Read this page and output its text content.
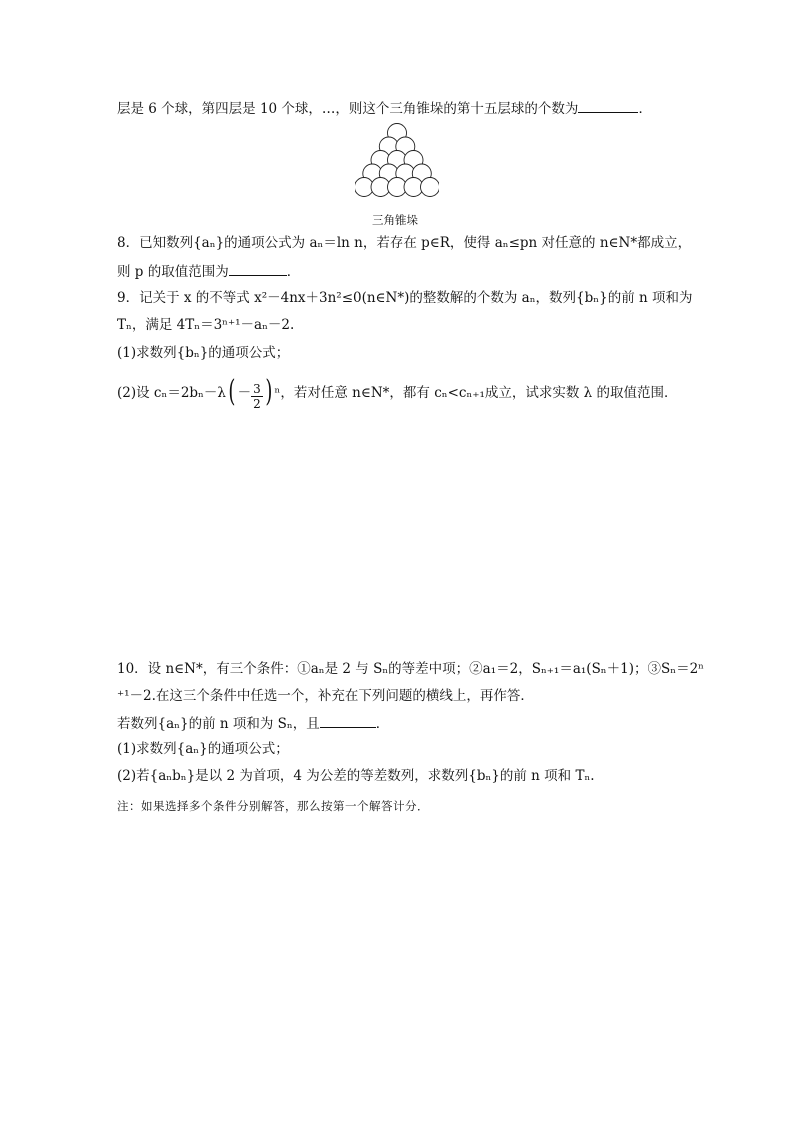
层是 6 个球，第四层是 10 个球，…，则这个三角锥垛的第十五层球的个数为	．
三角锥垛
8．已知数列{aₙ}的通项公式为 aₙ＝ln n，若存在 p∈R，使得 aₙ≤pn 对任意的 n∈N*都成立，
则 p 的取值范围为	．
9．记关于 x 的不等式 x²－4nx＋3n²≤0(n∈N*)的整数解的个数为 aₙ，数列{bₙ}的前 n 项和为
Tₙ，满足 4Tₙ＝3ⁿ⁺¹－aₙ－2.
(1)求数列{bₙ}的通项公式；
(2)设 $c_n=2b_n-\lambda( - \frac{3}{2}$ ) ⁿ，若对任意 n∈N*，都有 cₙ<cₙ₊₁成立，试求实数 λ 的取值范围．
10．设 n∈N*，有三个条件：①aₙ是 2 与 Sₙ的等差中项；②a₁＝2，Sₙ₊₁＝a₁(Sₙ＋1)；③Sₙ＝2ⁿ
⁺¹－2.在这三个条件中任选一个，补充在下列问题的横线上，再作答．
若数列{aₙ}的前 n 项和为 Sₙ，且	．
(1)求数列{aₙ}的通项公式；
(2)若{aₙbₙ}是以 2 为首项，4 为公差的等差数列，求数列{bₙ}的前 n 项和 Tₙ.
注：如果选择多个条件分别解答，那么按第一个解答计分．
